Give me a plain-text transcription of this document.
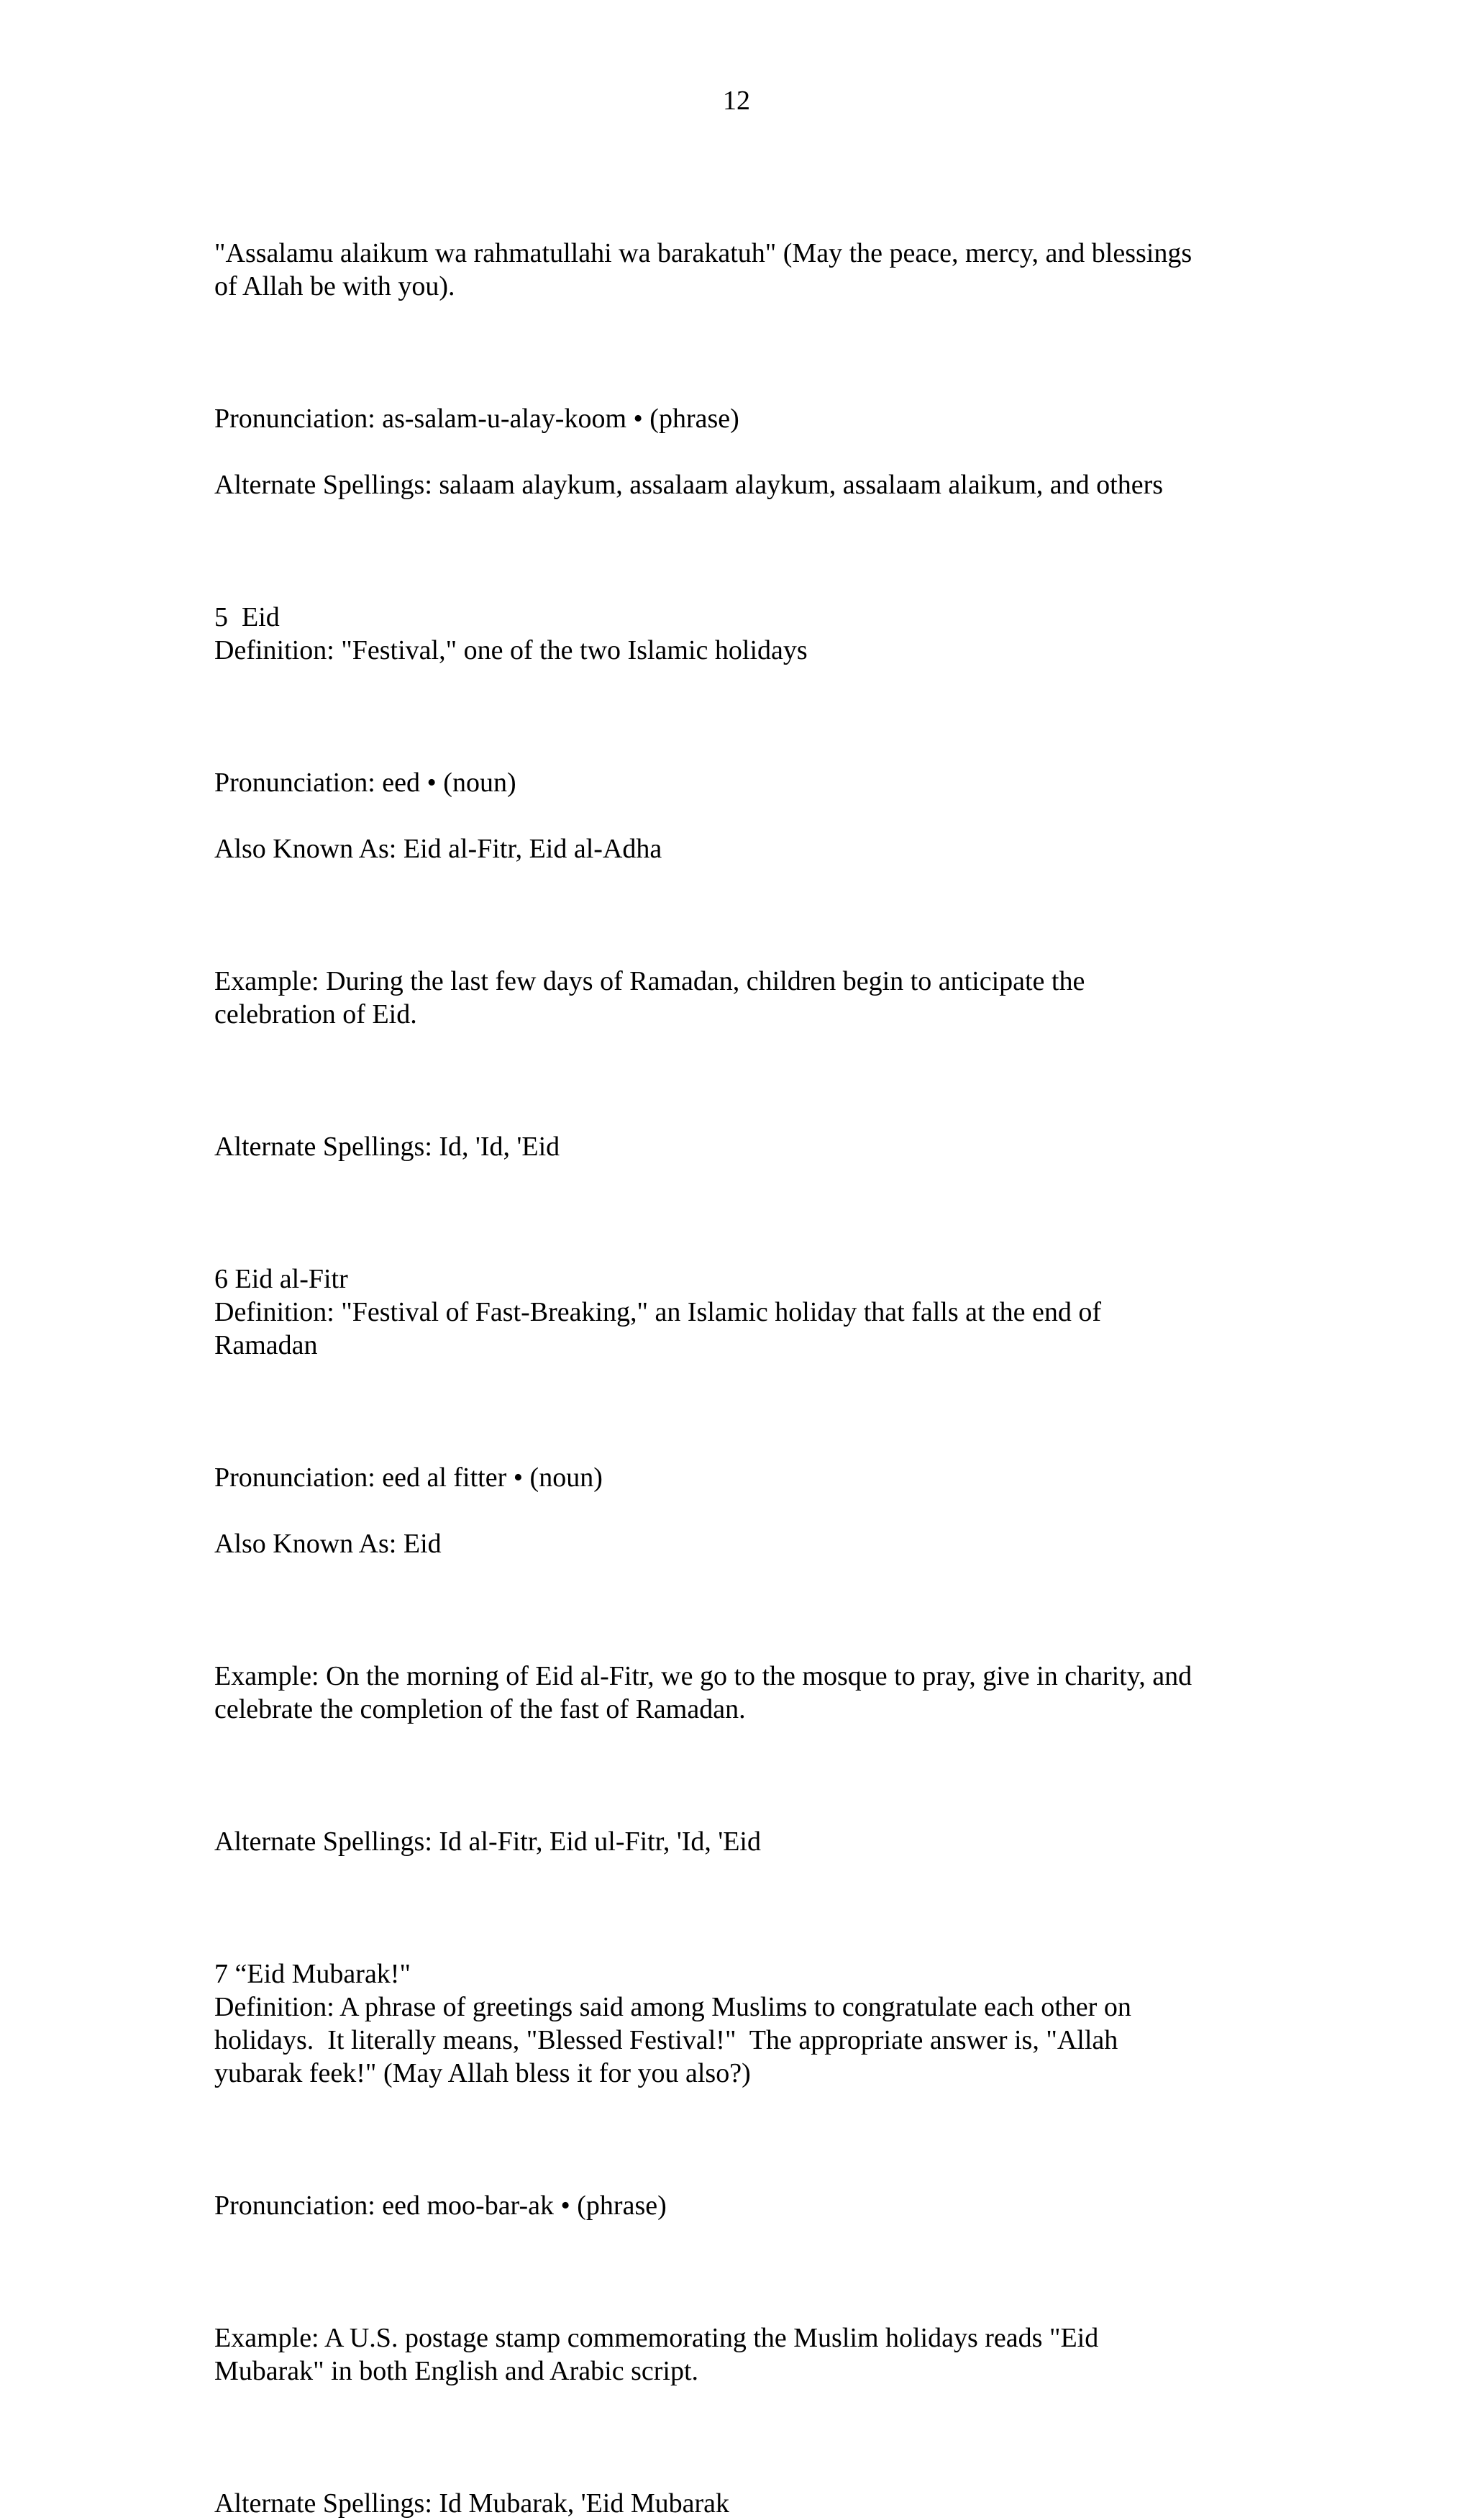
12

"Assalamu alaikum wa rahmatullahi wa barakatuh" (May the peace, mercy, and blessings
of Allah be with you).

Pronunciation: as-salam-u-alay-koom • (phrase)

Alternate Spellings: salaam alaykum, assalaam alaykum, assalaam alaikum, and others

5  Eid
Definition: "Festival," one of the two Islamic holidays

Pronunciation: eed • (noun)

Also Known As: Eid al-Fitr, Eid al-Adha

Example: During the last few days of Ramadan, children begin to anticipate the
celebration of Eid.

Alternate Spellings: Id, 'Id, 'Eid

6 Eid al-Fitr
Definition: "Festival of Fast-Breaking," an Islamic holiday that falls at the end of
Ramadan

Pronunciation: eed al fitter • (noun)

Also Known As: Eid

Example: On the morning of Eid al-Fitr, we go to the mosque to pray, give in charity, and
celebrate the completion of the fast of Ramadan.

Alternate Spellings: Id al-Fitr, Eid ul-Fitr, 'Id, 'Eid

7 “Eid Mubarak!"
Definition: A phrase of greetings said among Muslims to congratulate each other on
holidays.  It literally means, "Blessed Festival!"  The appropriate answer is, "Allah
yubarak feek!" (May Allah bless it for you also?)

Pronunciation: eed moo-bar-ak • (phrase)

Example: A U.S. postage stamp commemorating the Muslim holidays reads "Eid
Mubarak" in both English and Arabic script.

Alternate Spellings: Id Mubarak, 'Eid Mubarak
